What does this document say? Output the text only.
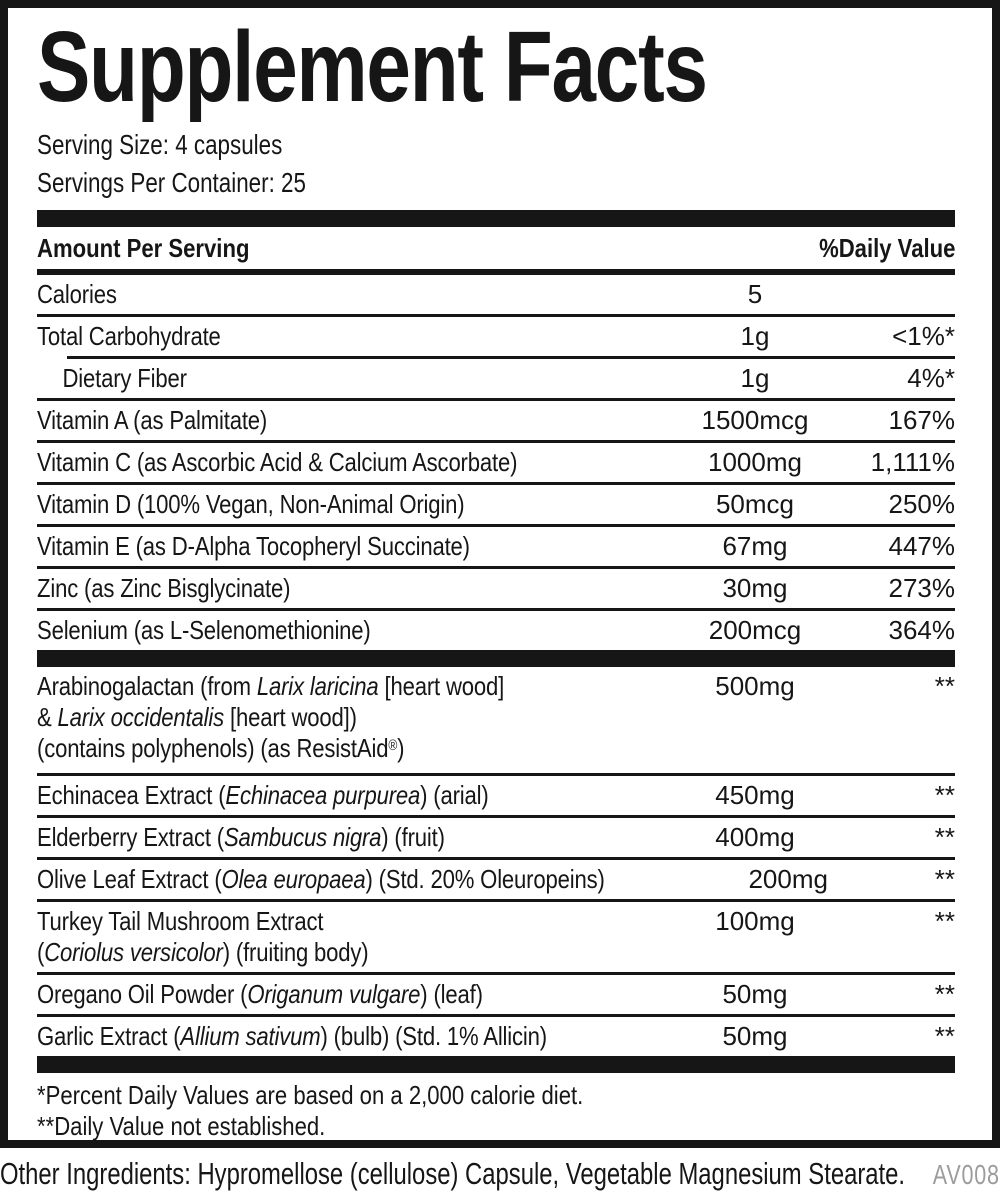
Supplement Facts
Serving Size: 4 capsules
Servings Per Container: 25
Amount Per Serving	%Daily Value
Calories	5
Total Carbohydrate	1g	<1%*
Dietary Fiber	1g	4%*
Vitamin A (as Palmitate)	1500mcg	167%
Vitamin C (as Ascorbic Acid & Calcium Ascorbate)	1000mg	1,111%
Vitamin D (100% Vegan, Non-Animal Origin)	50mcg	250%
Vitamin E (as D-Alpha Tocopheryl Succinate)	67mg	447%
Zinc (as Zinc Bisglycinate)	30mg	273%
Selenium (as L-Selenomethionine)	200mcg	364%
Arabinogalactan (from Larix laricina [heart wood]
& Larix occidentalis [heart wood])
(contains polyphenols) (as ResistAid®)
500mg	**
Echinacea Extract (Echinacea purpurea) (arial)	450mg	**
Elderberry Extract (Sambucus nigra) (fruit)	400mg	**
Olive Leaf Extract (Olea europaea) (Std. 20% Oleuropeins)	200mg	**
Turkey Tail Mushroom Extract
(Coriolus versicolor) (fruiting body)
100mg	**
Oregano Oil Powder (Origanum vulgare) (leaf)	50mg	**
Garlic Extract (Allium sativum) (bulb) (Std. 1% Allicin)	50mg	**
*Percent Daily Values are based on a 2,000 calorie diet.
**Daily Value not established.
Other Ingredients: Hypromellose (cellulose) Capsule, Vegetable Magnesium Stearate. AV008
